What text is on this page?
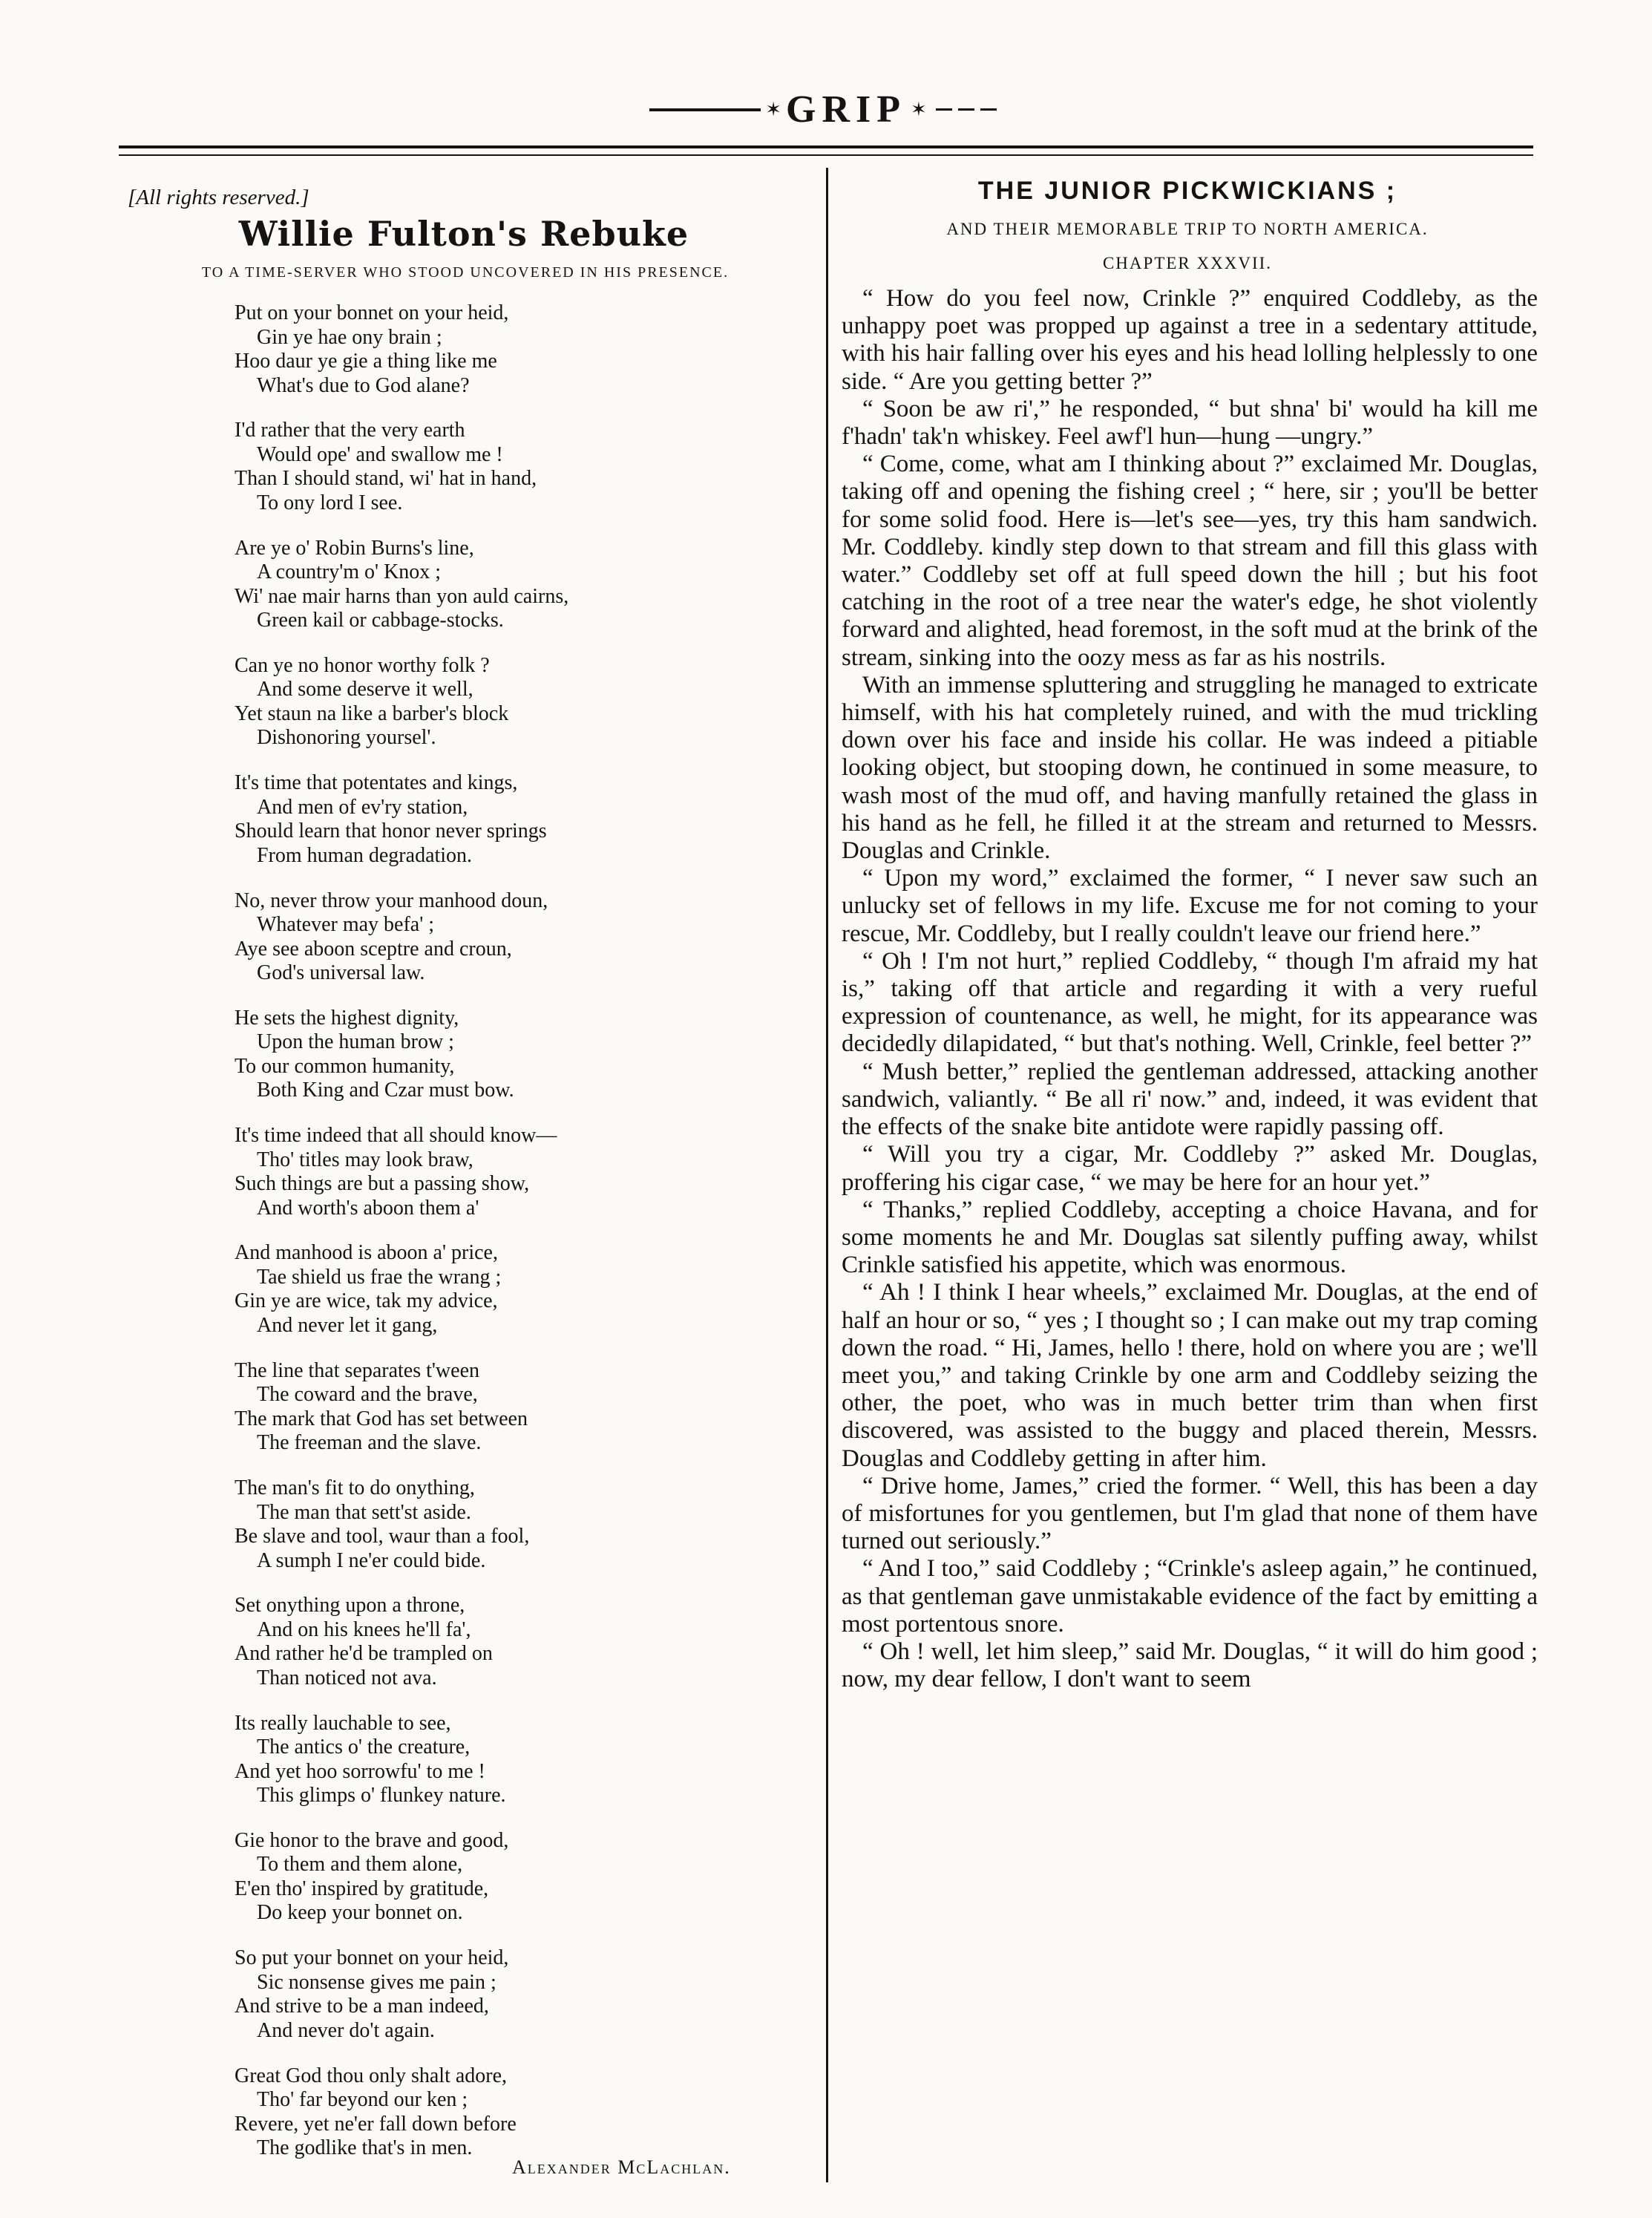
✶ GRIP ✶
[All rights reserved.]
Willie Fulton's Rebuke
TO A TIME-SERVER WHO STOOD UNCOVERED IN HIS PRESENCE.
Put on your bonnet on your heid,
Gin ye hae ony brain ;
Hoo daur ye gie a thing like me
What's due to God alane?
I'd rather that the very earth
Would ope' and swallow me !
Than I should stand, wi' hat in hand,
To ony lord I see.
Are ye o' Robin Burns's line,
A country'm o' Knox ;
Wi' nae mair harns than yon auld cairns,
Green kail or cabbage-stocks.
Can ye no honor worthy folk ?
And some deserve it well,
Yet staun na like a barber's block
Dishonoring yoursel'.
It's time that potentates and kings,
And men of ev'ry station,
Should learn that honor never springs
From human degradation.
No, never throw your manhood doun,
Whatever may befa' ;
Aye see aboon sceptre and croun,
God's universal law.
He sets the highest dignity,
Upon the human brow ;
To our common humanity,
Both King and Czar must bow.
It's time indeed that all should know—
Tho' titles may look braw,
Such things are but a passing show,
And worth's aboon them a'
And manhood is aboon a' price,
Tae shield us frae the wrang ;
Gin ye are wice, tak my advice,
And never let it gang,
The line that separates t'ween
The coward and the brave,
The mark that God has set between
The freeman and the slave.
The man's fit to do onything,
The man that sett'st aside.
Be slave and tool, waur than a fool,
A sumph I ne'er could bide.
Set onything upon a throne,
And on his knees he'll fa',
And rather he'd be trampled on
Than noticed not ava.
Its really lauchable to see,
The antics o' the creature,
And yet hoo sorrowfu' to me !
This glimps o' flunkey nature.
Gie honor to the brave and good,
To them and them alone,
E'en tho' inspired by gratitude,
Do keep your bonnet on.
So put your bonnet on your heid,
Sic nonsense gives me pain ;
And strive to be a man indeed,
And never do't again.
Great God thou only shalt adore,
Tho' far beyond our ken ;
Revere, yet ne'er fall down before
The godlike that's in men.
Alexander McLachlan.
THE JUNIOR PICKWICKIANS ;
AND THEIR MEMORABLE TRIP TO NORTH AMERICA.
CHAPTER XXXVII.

“ How do you feel now, Crinkle ?” enquired Coddleby, as the unhappy poet was propped up against a tree in a sedentary attitude, with his hair falling over his eyes and his head lolling helplessly to one side. “ Are you getting better ?”

“ Soon be aw ri',” he responded, “ but shna' bi' would ha kill me f'hadn' tak'n whiskey. Feel awf'l hun—hung —ungry.”

“ Come, come, what am I thinking about ?” exclaimed Mr. Douglas, taking off and opening the fishing creel ; “ here, sir ; you'll be better for some solid food. Here is—let's see—yes, try this ham sandwich. Mr. Coddleby. kindly step down to that stream and fill this glass with water.” Coddleby set off at full speed down the hill ; but his foot catching in the root of a tree near the water's edge, he shot violently forward and alighted, head foremost, in the soft mud at the brink of the stream, sinking into the oozy mess as far as his nostrils.

With an immense spluttering and struggling he managed to extricate himself, with his hat completely ruined, and with the mud trickling down over his face and inside his collar. He was indeed a pitiable looking object, but stooping down, he continued in some measure, to wash most of the mud off, and having manfully retained the glass in his hand as he fell, he filled it at the stream and returned to Messrs. Douglas and Crinkle.

“ Upon my word,” exclaimed the former, “ I never saw such an unlucky set of fellows in my life. Excuse me for not coming to your rescue, Mr. Coddleby, but I really couldn't leave our friend here.”

“ Oh ! I'm not hurt,” replied Coddleby, “ though I'm afraid my hat is,” taking off that article and regarding it with a very rueful expression of countenance, as well, he might, for its appearance was decidedly dilapidated, “ but that's nothing. Well, Crinkle, feel better ?”

“ Mush better,” replied the gentleman addressed, attacking another sandwich, valiantly. “ Be all ri' now.” and, indeed, it was evident that the effects of the snake bite antidote were rapidly passing off.

“ Will you try a cigar, Mr. Coddleby ?” asked Mr. Douglas, proffering his cigar case, “ we may be here for an hour yet.”

“ Thanks,” replied Coddleby, accepting a choice Havana, and for some moments he and Mr. Douglas sat silently puffing away, whilst Crinkle satisfied his appetite, which was enormous.

“ Ah ! I think I hear wheels,” exclaimed Mr. Douglas, at the end of half an hour or so, “ yes ; I thought so ; I can make out my trap coming down the road. “ Hi, James, hello ! there, hold on where you are ; we'll meet you,” and taking Crinkle by one arm and Coddleby seizing the other, the poet, who was in much better trim than when first discovered, was assisted to the buggy and placed therein, Messrs. Douglas and Coddleby getting in after him.

“ Drive home, James,” cried the former. “ Well, this has been a day of misfortunes for you gentlemen, but I'm glad that none of them have turned out seriously.”

“ And I too,” said Coddleby ; “Crinkle's asleep again,” he continued, as that gentleman gave unmistakable evidence of the fact by emitting a most portentous snore.

“ Oh ! well, let him sleep,” said Mr. Douglas, “ it will do him good ; now, my dear fellow, I don't want to seem
